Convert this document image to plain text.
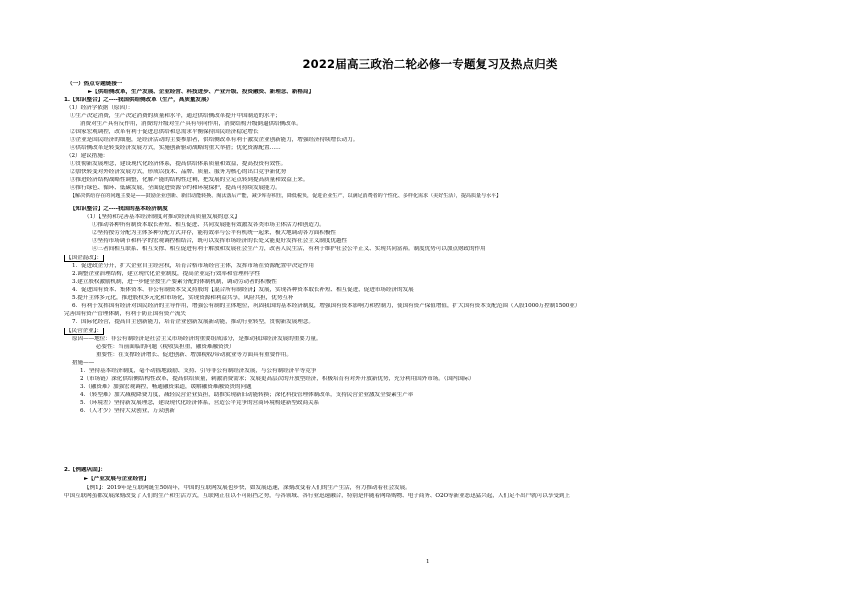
2022届高三政治二轮必修一专题复习及热点归类
（一）热点专题链接一
►【供给侧改革，生产发展、企业经营、科技进步、产业升级、投资融资、新理念、新格局】
1.【知识整合】之----我国供给侧改革（生产，高质量发展）
（1）经济学依据（原因）：
①生产决定消费，生产决定消费的质量和水平，通过供给侧改革提升中国制造的水平；
消费对生产具有反作用，消费的升级对生产具有导向作用，消费结构升级倒逼供给侧改革。
②国家宏观调控，改革有利于促进总供给和总需求平衡保持国民经济稳定增长
③企业是国民经济的细胞，是经济活动的主要参加者，供给侧改革有利于激发企业创新能力，增强经济持续增长动力。
④供给侧改革是转变经济发展方式，实施创新驱动战略的重大举措；优化资源配置……
（2）建议措施：
①贯彻新发展理念，建设现代化经济体系，提高供给体系质量和效益，提高投资有效性。
②加快转变对外经济发展方式，形成以技术、品牌、质量、服务为核心的出口竞争新优势
③推进经济结构战略性调整，化解产能的结构性过剩，把发展的立足点转到提高质量和效益上来。
④推行绿色、循环、低碳发展，全面促进资源节约和环境保护，提高可持续发展能力。
【解决供给存在的问题主要是——鼓励企业创新、新旧动能转换、淘汰落后产能，减少库存积压，降低税负，促进企业生产，以满足消费者的个性化、多样化需求（美好生活），提高质量与水平】
【知识整合】之----我国的基本经济制度
（1）【坚持和完善基本经济制度对推动经济高质量发展的意义】
①推动各种所有制资本取长补短、相互促进、共同发展能有效激发各类市场主体活力和创造力。
②坚持按劳分配为主体多种分配方式并存，能将效率与公平有机统一起来，极大地调动各方面积极性
③坚持市场调节和科学的宏观调控相结合，既可以发挥市场经济的长处又能更好发挥社会主义制度优越性
④三者间相互联系、相互支撑、相互促进有利于解放和发展社会生产力，改善人民生活，有利于维护社会公平正义、实现共同富裕。制度优势可以加点财政的作用
【国企混改】：
1．促进政企分开，扩大企业自主经营权，培育合格市场经营主体，发挥市场在资源配置中决定作用
2.调整企业治理结构，建立现代化企业制度，提高企业运行效率和管理科学性
3.建立股权激励机制，进一步健全按生产要素分配的体制机制，调动劳动者的积极性
4．促进国有资本、集体资本、非公有制资本交叉持股的【混合所有制经济】发展，实现各种资本取长补短、相互促进，促进市场经济的发展
5.提升主体多元化，推进股权多元化和市场化，实现资源和利益共享，风险共担，优势互补
6．有利于发挥国有经济对国民经济的主导作用，增强公有制的主体地位，巩固我国的基本经济制度，增强国有资本影响力和控制力，使国有资产保值增值，扩大国有资本支配范围（入股1000万控制1500业）
完善国有资产管理体制，有利于防止国有资产流失
7．国际化经营，提高自主创新能力，培育企业创新发展新动能，推动行业转型，贯彻新发展理念。
【民营企业】：
原因——地位：非公有制经济是社会主义市场经济的重要组成部分，是推动我国经济发展的重要力量。
必要性：当前面临的问题（税收负担重，融资难融资贵）
重要性：在支撑经济增长、促进创新、增加税收/带动就业等方面具有重要作用。
措施——
1．坚持基本经济制度，毫不动摇地鼓励、支持、引导非公有制经济发展，与公有制经济平等竞争
2（市场链）深化供给侧结构性改革，提高供给质量，刺激消费需求；发展更高层次的开放型经济，积极培育有对外开放新优势，充分利用国外市场。（国内国际）
3.（融资难）加强宏观调控，畅通融资渠道，缓解融资难融资贵的问题
4．（转型难）加大减税降费力度，减轻民营企业负担，助推实现新旧动能转换；深化科技管理体制改革，支持民营企业激发全要素生产率
5．（环境差）坚持新发展理念，建设现代化经济体系，营造公平竞争的营商环境构建新型政商关系
6．（人才少）坚持大众创业，万众创新
2.【例题巩固】：
►【产业发展与企业经营】
【例1】：2019年是互联网诞生50周年，中国的互联网发展也步快，如发展迅速，深刻改变着人们的生产生活，有力推动着社会发展。
中国互联网虽都发展深刻改变了人们的生产和生活方式，互联网正在以不可阻挡之势，与各领域、各行业迅速融合，特别是伴随着网络购物、电子商务、O2O等新业态迅猛兴起，人们足不出户就可以享受到上
1
